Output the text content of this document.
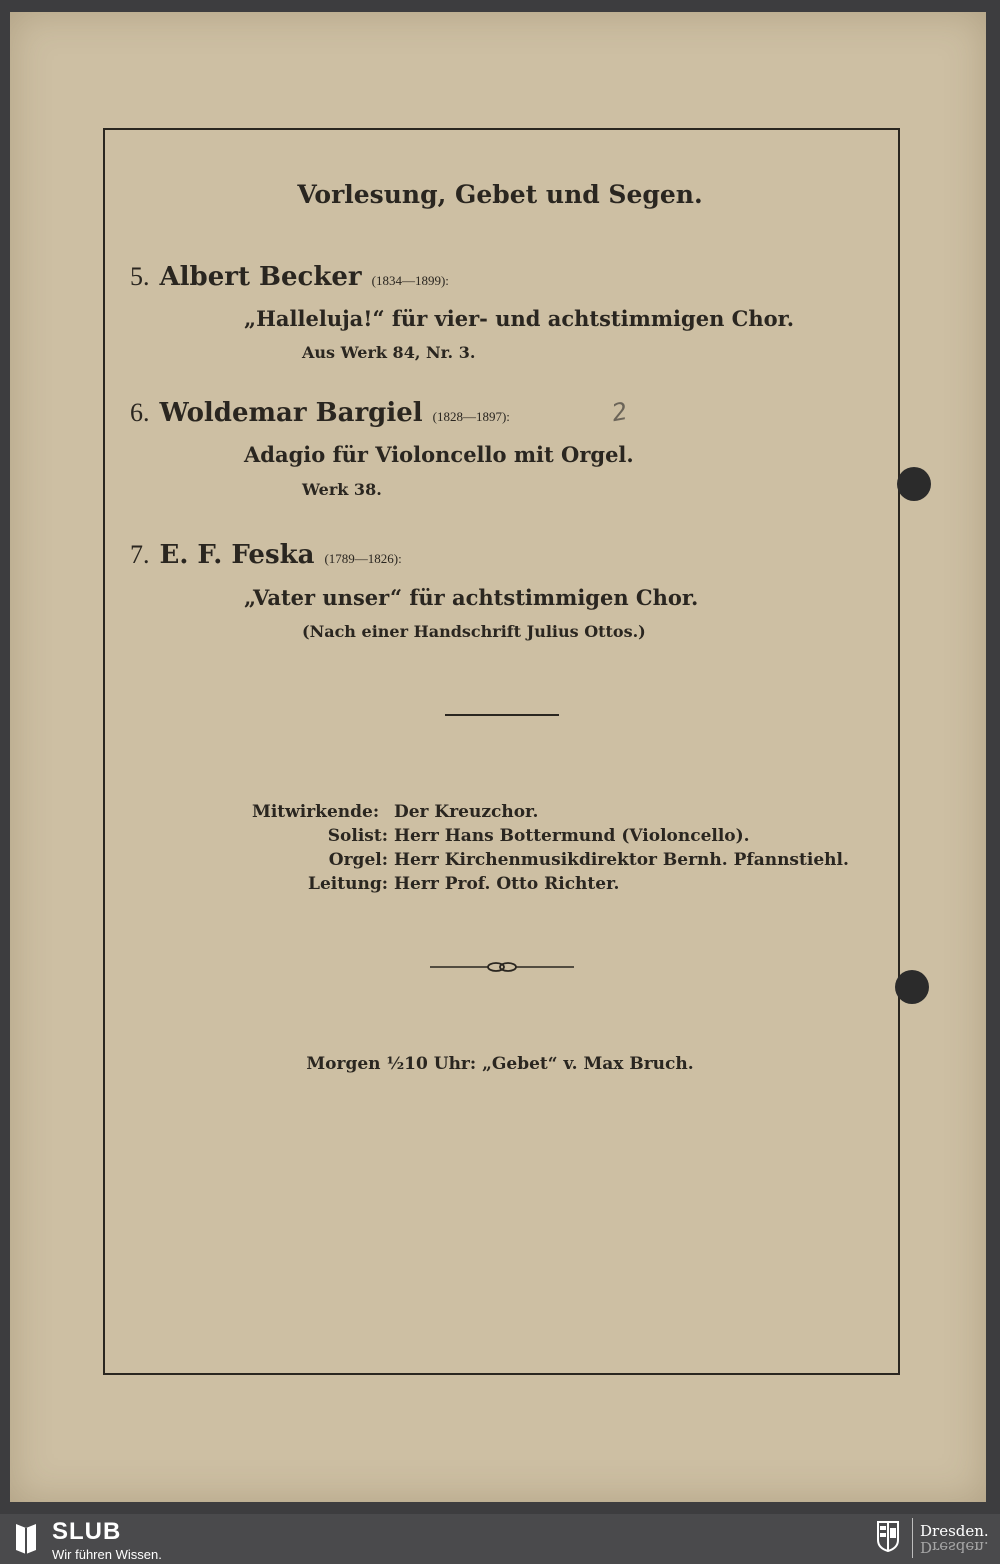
Vorlesung, Gebet und Segen.
5. Albert Becker (1834—1899):
„Halleluja!“ für vier- und achtstimmigen Chor.
Aus Werk 84, Nr. 3.
6. Woldemar Bargiel (1828—1897):	2
Adagio für Violoncello mit Orgel.
Werk 38.
7. E. F. Feska (1789—1826):
„Vater unser“ für achtstimmigen Chor.
(Nach einer Handschrift Julius Ottos.)
Mitwirkende: Der Kreuzchor.
Solist: Herr Hans Bottermund (Violoncello).
Orgel: Herr Kirchenmusikdirektor Bernh. Pfannstiehl.
Leitung: Herr Prof. Otto Richter.
Morgen ½10 Uhr: „Gebet“ v. Max Bruch.
SLUB
Wir führen Wissen.
Dresden.
Dresden.
